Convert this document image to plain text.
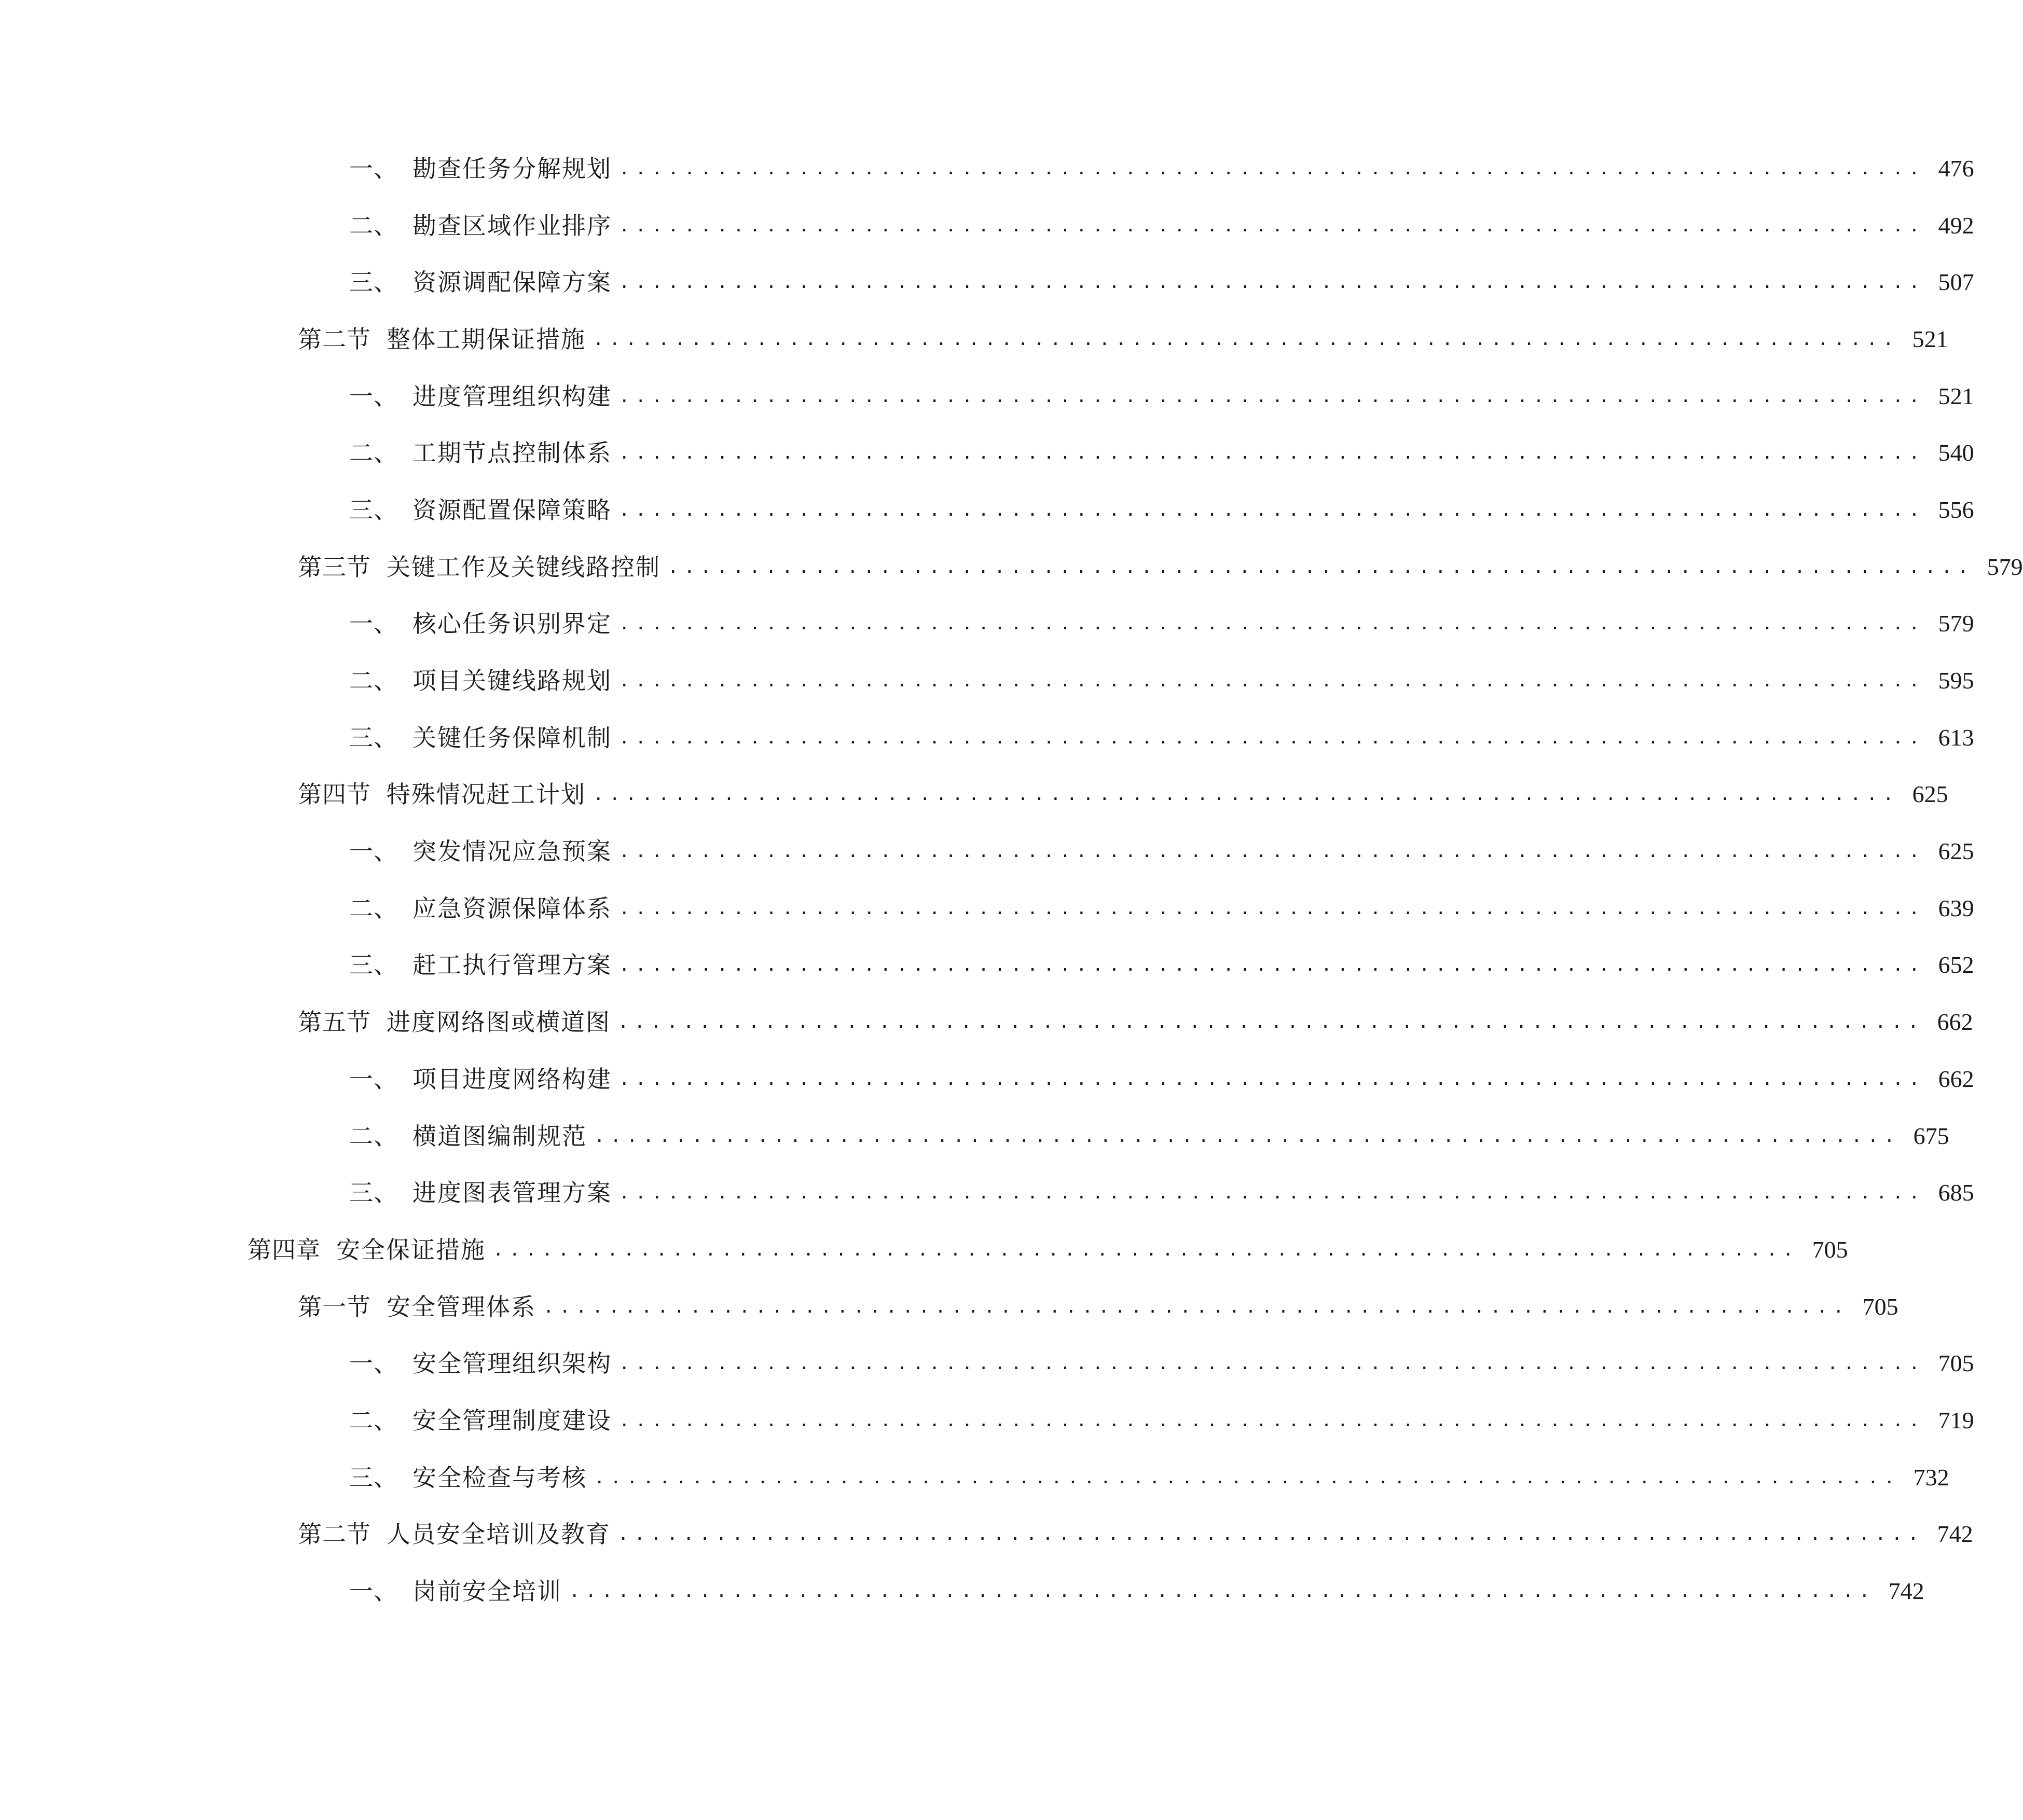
一、 勘查任务分解规划 ................................................................................ 476
二、 勘查区域作业排序 ................................................................................ 492
三、 资源调配保障方案 ................................................................................ 507
第二节 整体工期保证措施 ................................................................................ 521
一、 进度管理组织构建 ................................................................................ 521
二、 工期节点控制体系 ................................................................................ 540
三、 资源配置保障策略 ................................................................................ 556
第三节 关键工作及关键线路控制 ................................................................................ 579
一、 核心任务识别界定 ................................................................................ 579
二、 项目关键线路规划 ................................................................................ 595
三、 关键任务保障机制 ................................................................................ 613
第四节 特殊情况赶工计划 ................................................................................ 625
一、 突发情况应急预案 ................................................................................ 625
二、 应急资源保障体系 ................................................................................ 639
三、 赶工执行管理方案 ................................................................................ 652
第五节 进度网络图或横道图 ................................................................................ 662
一、 项目进度网络构建 ................................................................................ 662
二、 横道图编制规范 ................................................................................ 675
三、 进度图表管理方案 ................................................................................ 685
第四章 安全保证措施 ................................................................................ 705
第一节 安全管理体系 ................................................................................ 705
一、 安全管理组织架构 ................................................................................ 705
二、 安全管理制度建设 ................................................................................ 719
三、 安全检查与考核 ................................................................................ 732
第二节 人员安全培训及教育 ................................................................................ 742
一、 岗前安全培训 ................................................................................ 742
